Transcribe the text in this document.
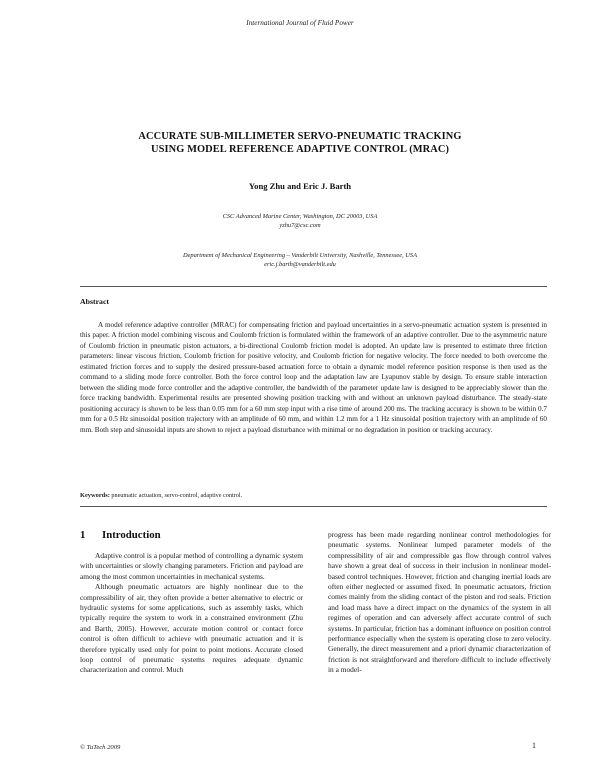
International Journal of Fluid Power
ACCURATE SUB-MILLIMETER SERVO-PNEUMATIC TRACKING
USING MODEL REFERENCE ADAPTIVE CONTROL (MRAC)
Yong Zhu and Eric J. Barth
CSC Advanced Marine Center, Washington, DC 20003, USA
yzhu7@csc.com
Department of Mechanical Engineering – Vanderbilt University, Nashville, Tennessee, USA
eric.j.barth@vanderbilt.edu
Abstract
A model reference adaptive controller (MRAC) for compensating friction and payload uncertainties in a servo-pneumatic actuation system is presented in this paper. A friction model combining viscous and Coulomb friction is formulated within the framework of an adaptive controller. Due to the asymmetric nature of Coulomb friction in pneumatic piston actuators, a bi-directional Coulomb friction model is adopted. An update law is presented to estimate three friction parameters: linear viscous friction, Coulomb friction for positive velocity, and Coulomb friction for negative velocity. The force needed to both overcome the estimated friction forces and to supply the desired pressure-based actuation force to obtain a dynamic model reference position response is then used as the command to a sliding mode force controller. Both the force control loop and the adaptation law are Lyapunov stable by design. To ensure stable interaction between the sliding mode force controller and the adaptive controller, the bandwidth of the parameter update law is designed to be appreciably slower than the force tracking bandwidth. Experimental results are presented showing position tracking with and without an unknown payload disturbance. The steady-state positioning accuracy is shown to be less than 0.05 mm for a 60 mm step input with a rise time of around 200 ms. The tracking accuracy is shown to be within 0.7 mm for a 0.5 Hz sinusoidal position trajectory with an amplitude of 60 mm, and within 1.2 mm for a 1 Hz sinusoidal position trajectory with an amplitude of 60 mm. Both step and sinusoidal inputs are shown to reject a payload disturbance with minimal or no degradation in position or tracking accuracy.
Keywords: pneumatic actuation, servo-control, adaptive control.
1 Introduction

Adaptive control is a popular method of controlling a dynamic system with uncertainties or slowly changing parameters. Friction and payload are among the most common uncertainties in mechanical systems.

Although pneumatic actuators are highly nonlinear due to the compressibility of air, they often provide a better alternative to electric or hydraulic systems for some applications, such as assembly tasks, which typically require the system to work in a constrained environment (Zhu and Barth, 2005). However, accurate motion control or contact force control is often difficult to achieve with pneumatic actuation and it is therefore typically used only for point to point motions. Accurate closed loop control of pneumatic systems requires adequate dynamic characterization and control. Much

progress has been made regarding nonlinear control methodologies for pneumatic systems. Nonlinear lumped parameter models of the compressibility of air and compressible gas flow through control valves have shown a great deal of success in their inclusion in nonlinear model-based control techniques. However, friction and changing inertial loads are often either neglected or assumed fixed. In pneumatic actuators, friction comes mainly from the sliding contact of the piston and rod seals. Friction and load mass have a direct impact on the dynamics of the system in all regimes of operation and can adversely affect accurate control of such systems. In particular, friction has a dominant influence on position control performance especially when the system is operating close to zero velocity. Generally, the direct measurement and a priori dynamic characterization of friction is not straightforward and therefore difficult to include effectively in a model-

© TuTech 2009	1
